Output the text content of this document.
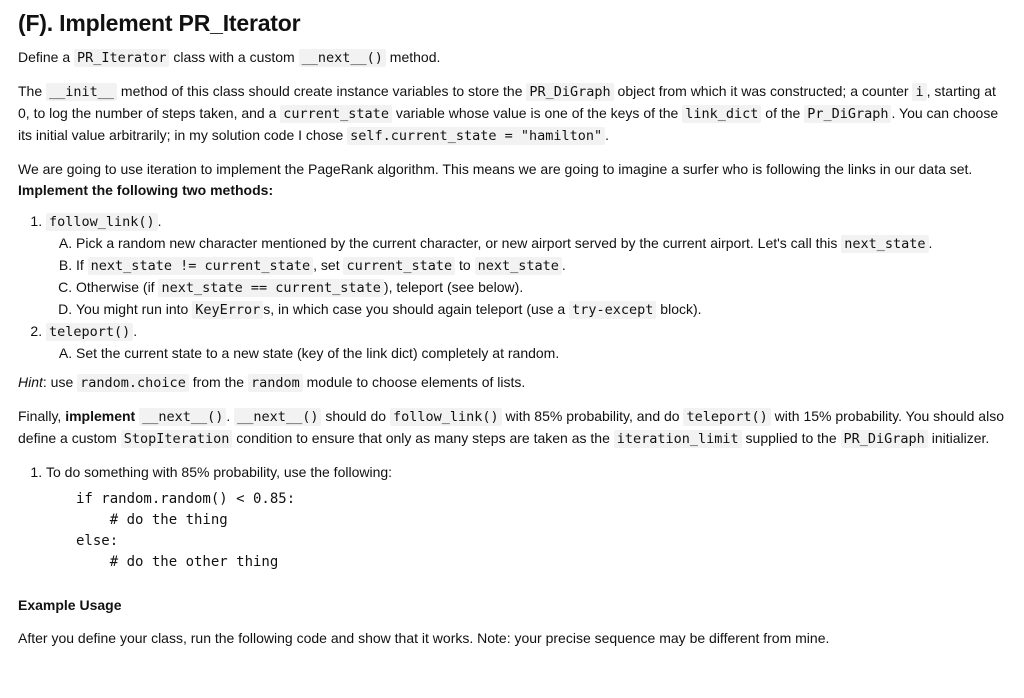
(F). Implement PR_Iterator

Define a PR_Iterator class with a custom __next__() method.

The __init__ method of this class should create instance variables to store the PR_DiGraph object from which it was constructed; a counter i , starting at 0, to log the number of steps taken, and a current_state variable whose value is one of the keys of the link_dict of the Pr_DiGraph . You can choose its initial value arbitrarily; in my solution code I chose self.current_state = "hamilton" .

We are going to use iteration to implement the PageRank algorithm. This means we are going to imagine a surfer who is following the links in our data set.
Implement the following two methods:

1. follow_link() .
A. Pick a random new character mentioned by the current character, or new airport served by the current airport. Let's call this next_state .
B. If next_state != current_state , set current_state to next_state .
C. Otherwise (if next_state == current_state ), teleport (see below).
D. You might run into KeyError s, in which case you should again teleport (use a try-except block).
2. teleport() .
A. Set the current state to a new state (key of the link dict) completely at random.

Hint: use random.choice from the random module to choose elements of lists.

Finally, implement __next__() . __next__() should do follow_link() with 85% probability, and do teleport() with 15% probability. You should also define a custom StopIteration condition to ensure that only as many steps are taken as the iteration_limit supplied to the PR_DiGraph initializer.

1. To do something with 85% probability, use the following:
if random.random() < 0.85:
# do the thing
else:
# do the other thing

Example Usage

After you define your class, run the following code and show that it works. Note: your precise sequence may be different from mine.
